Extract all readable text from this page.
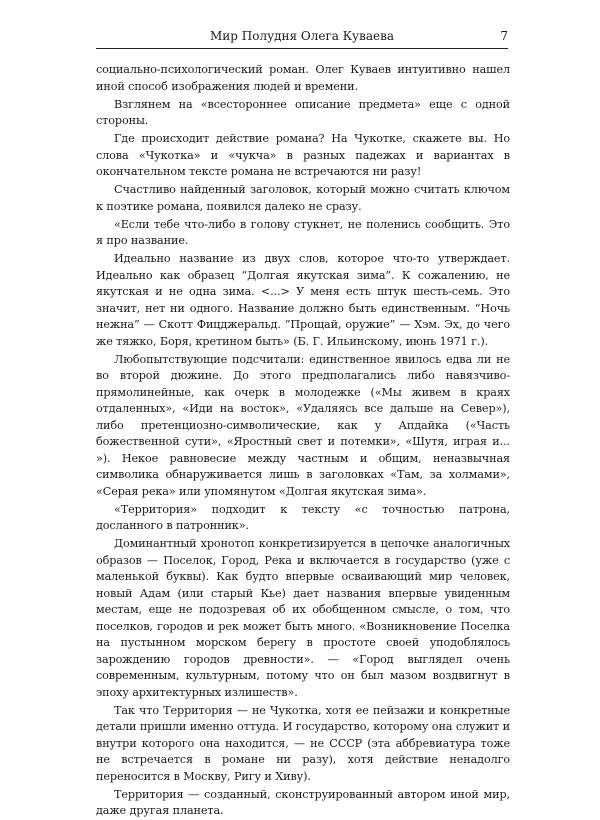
Мир Полудня Олега Куваева	7

социально-психологический роман. Олег Куваев интуитивно нашел иной способ изображения людей и времени.

Взглянем на «всестороннее описание предмета» еще с одной стороны.

Где происходит действие романа? На Чукотке, скажете вы. Но слова «Чукотка» и «чукча» в разных падежах и вариантах в окончательном тексте романа не встречаются ни разу!

Счастливо найденный заголовок, который можно считать ключом к поэтике романа, появился далеко не сразу.

«Если тебе что-либо в голову стукнет, не поленись сообщить. Это я про название.

Идеально название из двух слов, которое что-то утверждает. Идеально как образец “Долгая якутская зима”. К сожалению, не якутская и не одна зима. <...> У меня есть штук шесть-семь. Это значит, нет ни одного. Название должно быть единственным. “Ночь нежна” — Скотт Фицджеральд. “Прощай, оружие” — Хэм. Эх, до чего же тяжко, Боря, кретином быть» (Б. Г. Ильинскому, июнь 1971 г.).

Любопытствующие подсчитали: единственное явилось едва ли не во второй дюжине. До этого предполагались либо навязчиво-прямолинейные, как очерк в молодежке («Мы живем в краях отдаленных», «Иди на восток», «Удаляясь все дальше на Север»), либо претенциозно-символические, как у Апдайка («Часть божественной сути», «Яростный свет и потемки», «Шутя, играя и... »). Некое равновесие между частным и общим, неназвычная символика обнаруживается лишь в заголовках «Там, за холмами», «Серая река» или упомянутом «Долгая якутская зима».

«Территория» подходит к тексту «с точностью патрона, досланного в патронник».

Доминантный хронотоп конкретизируется в цепочке аналогичных образов — Поселок, Город, Река и включается в государство (уже с маленькой буквы). Как будто впервые осваивающий мир человек, новый Адам (или старый Кье) дает названия впервые увиденным местам, еще не подозревая об их обобщенном смысле, о том, что поселков, городов и рек может быть много. «Возникновение Поселка на пустынном морском берегу в простоте своей уподоблялось зарождению городов древности». — «Город выглядел очень современным, культурным, потому что он был мазом воздвигнут в эпоху архитектурных излишеств».

Так что Территория — не Чукотка, хотя ее пейзажи и конкретные детали пришли именно оттуда. И государство, которому она служит и внутри которого она находится, — не СССР (эта аббревиатура тоже не встречается в романе ни разу), хотя действие ненадолго переносится в Москву, Ригу и Хиву).

Территория — созданный, сконструированный автором иной мир, даже другая планета.
